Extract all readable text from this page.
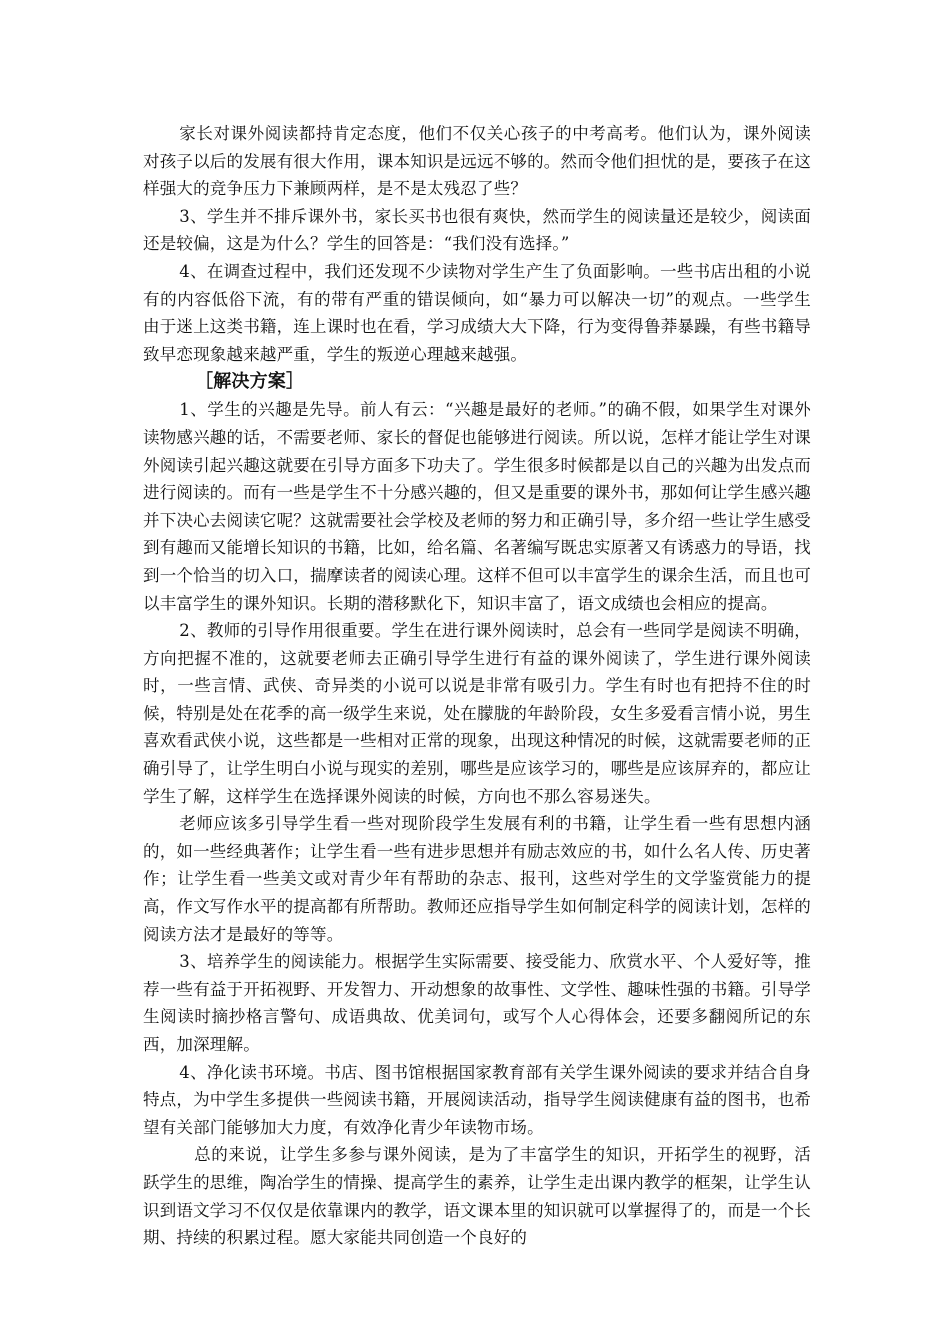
家长对课外阅读都持肯定态度，他们不仅关心孩子的中考高考。他们认为，课外阅读对孩子以后的发展有很大作用，课本知识是远远不够的。然而令他们担忧的是，要孩子在这样强大的竞争压力下兼顾两样，是不是太残忍了些？

3、学生并不排斥课外书，家长买书也很有爽快，然而学生的阅读量还是较少，阅读面还是较偏，这是为什么？学生的回答是：“我们没有选择。”

4、在调查过程中，我们还发现不少读物对学生产生了负面影响。一些书店出租的小说有的内容低俗下流，有的带有严重的错误倾向，如“暴力可以解决一切”的观点。一些学生由于迷上这类书籍，连上课时也在看，学习成绩大大下降，行为变得鲁莽暴躁，有些书籍导致早恋现象越来越严重，学生的叛逆心理越来越强。

［解决方案］

1、学生的兴趣是先导。前人有云：“兴趣是最好的老师。”的确不假，如果学生对课外读物感兴趣的话，不需要老师、家长的督促也能够进行阅读。所以说，怎样才能让学生对课外阅读引起兴趣这就要在引导方面多下功夫了。学生很多时候都是以自己的兴趣为出发点而进行阅读的。而有一些是学生不十分感兴趣的，但又是重要的课外书，那如何让学生感兴趣并下决心去阅读它呢？这就需要社会学校及老师的努力和正确引导，多介绍一些让学生感受到有趣而又能增长知识的书籍，比如，给名篇、名著编写既忠实原著又有诱惑力的导语，找到一个恰当的切入口，揣摩读者的阅读心理。这样不但可以丰富学生的课余生活，而且也可以丰富学生的课外知识。长期的潜移默化下，知识丰富了，语文成绩也会相应的提高。

2、教师的引导作用很重要。学生在进行课外阅读时，总会有一些同学是阅读不明确，方向把握不准的，这就要老师去正确引导学生进行有益的课外阅读了，学生进行课外阅读时，一些言情、武侠、奇异类的小说可以说是非常有吸引力。学生有时也有把持不住的时候，特别是处在花季的高一级学生来说，处在朦胧的年龄阶段，女生多爱看言情小说，男生喜欢看武侠小说，这些都是一些相对正常的现象，出现这种情况的时候，这就需要老师的正确引导了，让学生明白小说与现实的差别，哪些是应该学习的，哪些是应该屏弃的，都应让学生了解，这样学生在选择课外阅读的时候，方向也不那么容易迷失。

老师应该多引导学生看一些对现阶段学生发展有利的书籍，让学生看一些有思想内涵的，如一些经典著作；让学生看一些有进步思想并有励志效应的书，如什么名人传、历史著作；让学生看一些美文或对青少年有帮助的杂志、报刊，这些对学生的文学鉴赏能力的提高，作文写作水平的提高都有所帮助。教师还应指导学生如何制定科学的阅读计划，怎样的阅读方法才是最好的等等。

3、培养学生的阅读能力。根据学生实际需要、接受能力、欣赏水平、个人爱好等，推荐一些有益于开拓视野、开发智力、开动想象的故事性、文学性、趣味性强的书籍。引导学生阅读时摘抄格言警句、成语典故、优美词句，或写个人心得体会，还要多翻阅所记的东西，加深理解。

4、净化读书环境。书店、图书馆根据国家教育部有关学生课外阅读的要求并结合自身特点，为中学生多提供一些阅读书籍，开展阅读活动，指导学生阅读健康有益的图书，也希望有关部门能够加大力度，有效净化青少年读物市场。

总的来说，让学生多参与课外阅读，是为了丰富学生的知识，开拓学生的视野，活跃学生的思维，陶冶学生的情操、提高学生的素养，让学生走出课内教学的框架，让学生认识到语文学习不仅仅是依靠课内的教学，语文课本里的知识就可以掌握得了的，而是一个长期、持续的积累过程。愿大家能共同创造一个良好的
